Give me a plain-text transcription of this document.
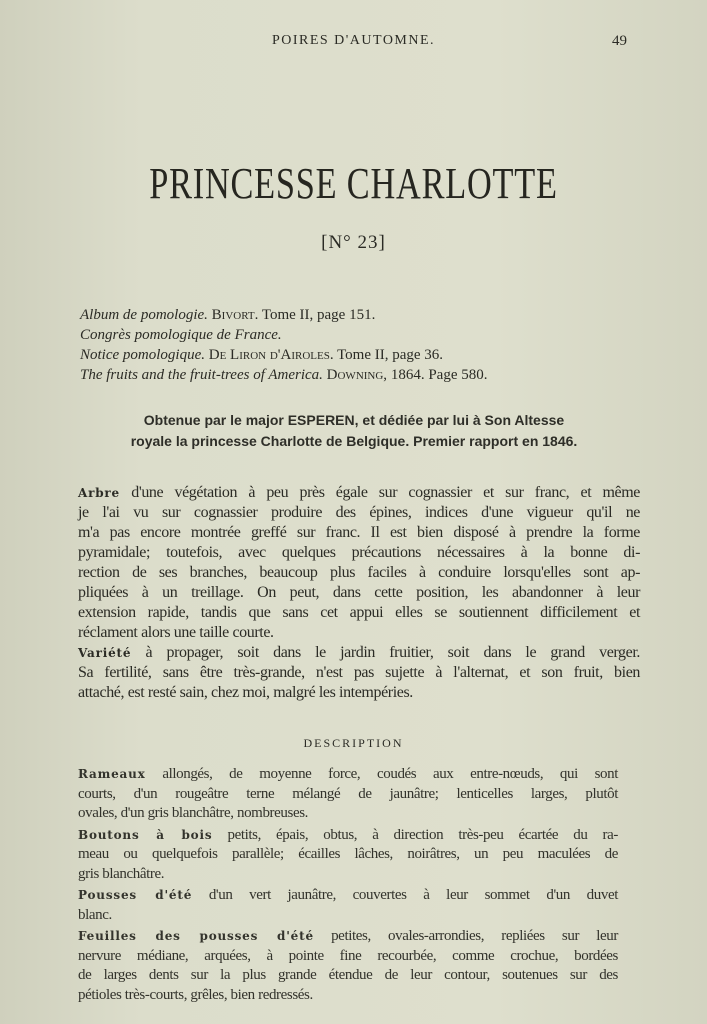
POIRES D'AUTOMNE.	49
PRINCESSE CHARLOTTE
[N° 23]
Album de pomologie. Bivort. Tome II, page 151.
Congrès pomologique de France.
Notice pomologique. De Liron d'Airoles. Tome II, page 36.
The fruits and the fruit-trees of America. Downing, 1864. Page 580.
Obtenue par le major ESPEREN, et dédiée par lui à Son Altesse
royale la princesse Charlotte de Belgique. Premier rapport en 1846.
Arbre d'une végétation à peu près égale sur cognassier et sur franc, et même
je l'ai vu sur cognassier produire des épines, indices d'une vigueur qu'il ne
m'a pas encore montrée greffé sur franc. Il est bien disposé à prendre la forme
pyramidale; toutefois, avec quelques précautions nécessaires à la bonne di-
rection de ses branches, beaucoup plus faciles à conduire lorsqu'elles sont ap-
pliquées à un treillage. On peut, dans cette position, les abandonner à leur
extension rapide, tandis que sans cet appui elles se soutiennent difficilement et
réclament alors une taille courte.
Variété à propager, soit dans le jardin fruitier, soit dans le grand verger.
Sa fertilité, sans être très-grande, n'est pas sujette à l'alternat, et son fruit, bien
attaché, est resté sain, chez moi, malgré les intempéries.
DESCRIPTION
Rameaux allongés, de moyenne force, coudés aux entre-nœuds, qui sont
courts, d'un rougeâtre terne mélangé de jaunâtre; lenticelles larges, plutôt
ovales, d'un gris blanchâtre, nombreuses.
Boutons à bois petits, épais, obtus, à direction très-peu écartée du ra-
meau ou quelquefois parallèle; écailles lâches, noirâtres, un peu maculées de
gris blanchâtre.
Pousses d'été d'un vert jaunâtre, couvertes à leur sommet d'un duvet
blanc.
Feuilles des pousses d'été petites, ovales-arrondies, repliées sur leur
nervure médiane, arquées, à pointe fine recourbée, comme crochue, bordées
de larges dents sur la plus grande étendue de leur contour, soutenues sur des
pétioles très-courts, grêles, bien redressés.
